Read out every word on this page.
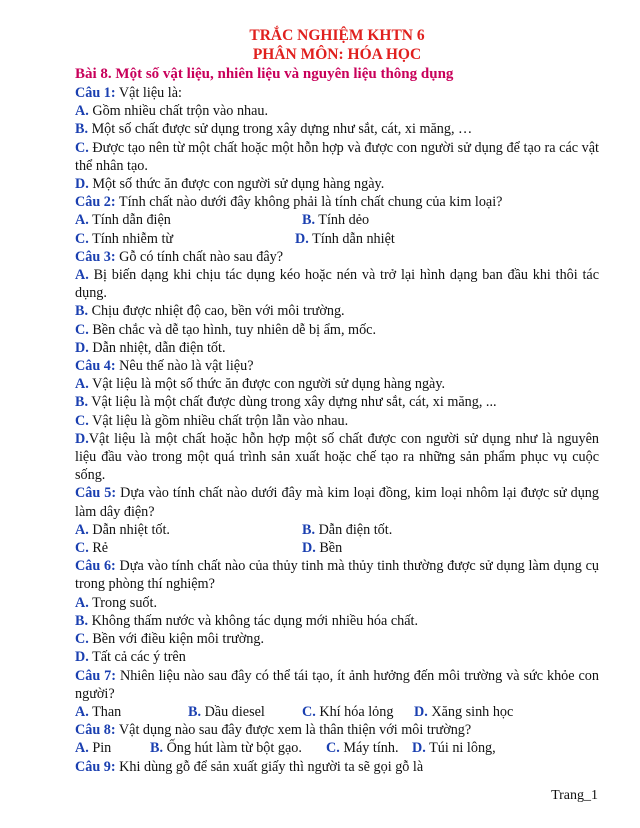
TRẮC NGHIỆM KHTN 6
PHÂN MÔN: HÓA HỌC
Bài 8. Một số vật liệu, nhiên liệu và nguyên liệu thông dụng
Câu 1: Vật liệu là:
A. Gồm nhiều chất trộn vào nhau.
B. Một số chất được sử dụng trong xây dựng như sắt, cát, xi măng, …
C. Được tạo nên từ một chất hoặc một hỗn hợp và được con người sử dụng để tạo ra các vật thể nhân tạo.
D. Một số thức ăn được con người sử dụng hàng ngày.
Câu 2: Tính chất nào dưới đây không phải là tính chất chung của kim loại?
A. Tính dẫn điện	B. Tính dẻo
C. Tính nhiễm từ	D. Tính dẫn nhiệt
Câu 3: Gỗ có tính chất nào sau đây?
A. Bị biến dạng khi chịu tác dụng kéo hoặc nén và trở lại hình dạng ban đầu khi thôi tác dụng.
B. Chịu được nhiệt độ cao, bền với môi trường.
C. Bền chắc và dễ tạo hình, tuy nhiên dễ bị ẩm, mốc.
D. Dẫn nhiệt, dẫn điện tốt.
Câu 4: Nêu thế nào là vật liệu?
A. Vật liệu là một số thức ăn được con người sử dụng hàng ngày.
B. Vật liệu là một chất được dùng trong xây dựng như sắt, cát, xi măng, ...
C. Vật liệu là gồm nhiều chất trộn lẫn vào nhau.
D.Vật liệu là một chất hoặc hỗn hợp một số chất được con người sử dụng như là nguyên liệu đầu vào trong một quá trình sản xuất hoặc chế tạo ra những sản phẩm phục vụ cuộc sống.
Câu 5: Dựa vào tính chất nào dưới đây mà kim loại đồng, kim loại nhôm lại được sử dụng làm dây điện?
A. Dẫn nhiệt tốt.	B. Dẫn điện tốt.
C. Rẻ	D. Bền
Câu 6: Dựa vào tính chất nào của thủy tinh mà thủy tinh thường được sử dụng làm dụng cụ trong phòng thí nghiệm?
A. Trong suốt.
B. Không thấm nước và không tác dụng mới nhiều hóa chất.
C. Bền với điều kiện môi trường.
D. Tất cả các ý trên
Câu 7: Nhiên liệu nào sau đây có thể tái tạo, ít ảnh hưởng đến môi trường và sức khỏe con người?
A. Than	B. Dầu diesel	C. Khí hóa lỏng	D. Xăng sinh học
Câu 8: Vật dụng nào sau đây được xem là thân thiện với môi trường?
A. Pin	B. Ống hút làm từ bột gạo.	C. Máy tính. D. Túi ni lông,
Câu 9: Khi dùng gỗ để sản xuất giấy thì người ta sẽ gọi gỗ là
Trang_1
